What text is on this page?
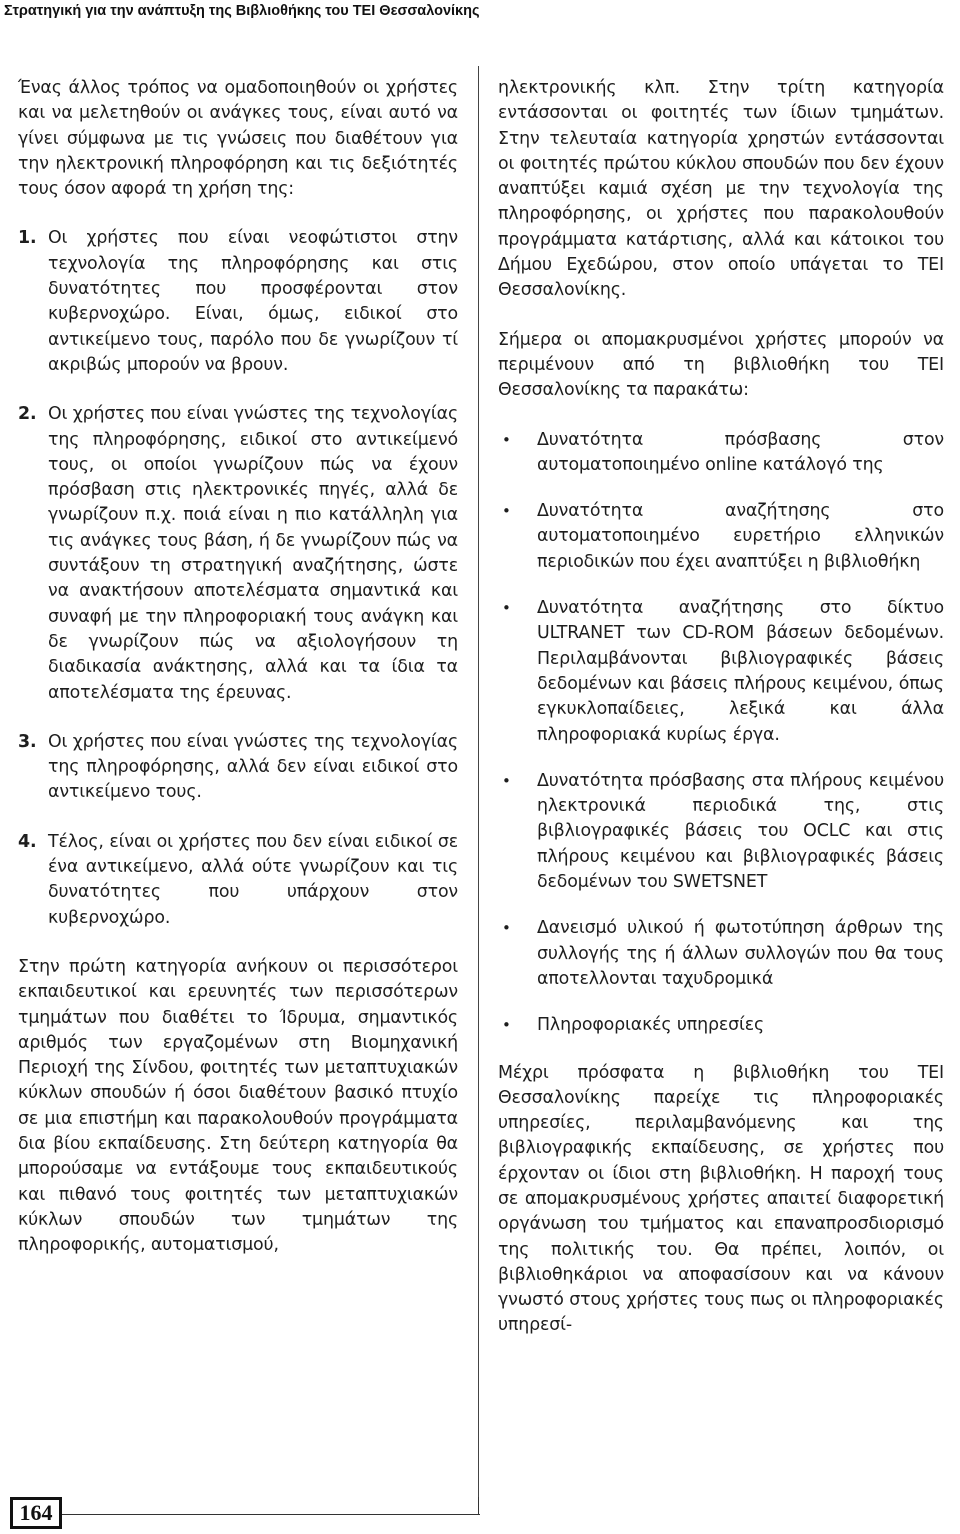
Στρατηγική για την ανάπτυξη της Βιβλιοθήκης του ΤΕΙ Θεσσαλονίκης

Ένας άλλος τρόπος να ομαδοποιηθούν οι χρήστες και να μελετηθούν οι ανάγκες τους, είναι αυτό να γίνει σύμφωνα με τις γνώσεις που διαθέτουν για την ηλεκτρονική πληροφόρηση και τις δεξιότητές τους όσον αφορά τη χρήση της:

1. Οι χρήστες που είναι νεοφώτιστοι στην τεχνολογία της πληροφόρησης και στις δυνατότητες που προσφέρονται στον κυβερνοχώρο. Είναι, όμως, ειδικοί στο αντικείμενο τους, παρόλο που δε γνωρίζουν τί ακριβώς μπορούν να βρουν.
2. Οι χρήστες που είναι γνώστες της τεχνολογίας της πληροφόρησης, ειδικοί στο αντικείμενό τους, οι οποίοι γνωρίζουν πώς να έχουν πρόσβαση στις ηλεκτρονικές πηγές, αλλά δε γνωρίζουν π.χ. ποιά είναι η πιο κατάλληλη για τις ανάγκες τους βάση, ή δε γνωρίζουν πώς να συντάξουν τη στρατηγική αναζήτησης, ώστε να ανακτήσουν αποτελέσματα σημαντικά και συναφή με την πληροφοριακή τους ανάγκη και δε γνωρίζουν πώς να αξιολογήσουν τη διαδικασία ανάκτησης, αλλά και τα ίδια τα αποτελέσματα της έρευνας.
3. Οι χρήστες που είναι γνώστες της τεχνολογίας της πληροφόρησης, αλλά δεν είναι ειδικοί στο αντικείμενο τους.
4. Τέλος, είναι οι χρήστες που δεν είναι ειδικοί σε ένα αντικείμενο, αλλά ούτε γνωρίζουν και τις δυνατότητες που υπάρχουν στον κυβερνοχώρο.

Στην πρώτη κατηγορία ανήκουν οι περισσότεροι εκπαιδευτικοί και ερευνητές των περισσότερων τμημάτων που διαθέτει το Ίδρυμα, σημαντικός αριθμός των εργαζομένων στη Βιομηχανική Περιοχή της Σίνδου, φοιτητές των μεταπτυχιακών κύκλων σπουδών ή όσοι διαθέτουν βασικό πτυχίο σε μια επιστήμη και παρακολουθούν προγράμματα δια βίου εκπαίδευσης. Στη δεύτερη κατηγορία θα μπορούσαμε να εντάξουμε τους εκπαιδευτικούς και πιθανό τους φοιτητές των μεταπτυχιακών κύκλων σπουδών των τμημάτων της πληροφορικής, αυτοματισμού,

ηλεκτρονικής κλπ. Στην τρίτη κατηγορία εντάσσονται οι φοιτητές των ίδιων τμημάτων. Στην τελευταία κατηγορία χρηστών εντάσσονται οι φοιτητές πρώτου κύκλου σπουδών που δεν έχουν αναπτύξει καμιά σχέση με την τεχνολογία της πληροφόρησης, οι χρήστες που παρακολουθούν προγράμματα κατάρτισης, αλλά και κάτοικοι του Δήμου Εχεδώρου, στον οποίο υπάγεται το ΤΕΙ Θεσσαλονίκης.

Σήμερα οι απομακρυσμένοι χρήστες μπορούν να περιμένουν από τη βιβλιοθήκη του ΤΕΙ Θεσσαλονίκης τα παρακάτω:

•	Δυνατότητα πρόσβασης στον αυτοματοποιημένο online κατάλογό της
•	Δυνατότητα αναζήτησης στο αυτοματοποιημένο ευρετήριο ελληνικών περιοδικών που έχει αναπτύξει η βιβλιοθήκη
•	Δυνατότητα αναζήτησης στο δίκτυο ULTRANET των CD-ROM βάσεων δεδομένων. Περιλαμβάνονται βιβλιογραφικές βάσεις δεδομένων και βάσεις πλήρους κειμένου, όπως εγκυκλοπαίδειες, λεξικά και άλλα πληροφοριακά κυρίως έργα.
•	Δυνατότητα πρόσβασης στα πλήρους κειμένου ηλεκτρονικά περιοδικά της, στις βιβλιογραφικές βάσεις του OCLC και στις πλήρους κειμένου και βιβλιογραφικές βάσεις δεδομένων του SWETSNET
•	Δανεισμό υλικού ή φωτοτύπηση άρθρων της συλλογής της ή άλλων συλλογών που θα τους αποτελλονται ταχυδρομικά
•	Πληροφοριακές υπηρεσίες

Μέχρι πρόσφατα η βιβλιοθήκη του ΤΕΙ Θεσσαλονίκης παρείχε τις πληροφοριακές υπηρεσίες, περιλαμβανόμενης και της βιβλιογραφικής εκπαίδευσης, σε χρήστες που έρχονταν οι ίδιοι στη βιβλιοθήκη. Η παροχή τους σε απομακρυσμένους χρήστες απαιτεί διαφορετική οργάνωση του τμήματος και επαναπροσδιορισμό της πολιτικής του. Θα πρέπει, λοιπόν, οι βιβλιοθηκάριοι να αποφασίσουν και να κάνουν γνωστό στους χρήστες τους πως οι πληροφοριακές υπηρεσί-

164
